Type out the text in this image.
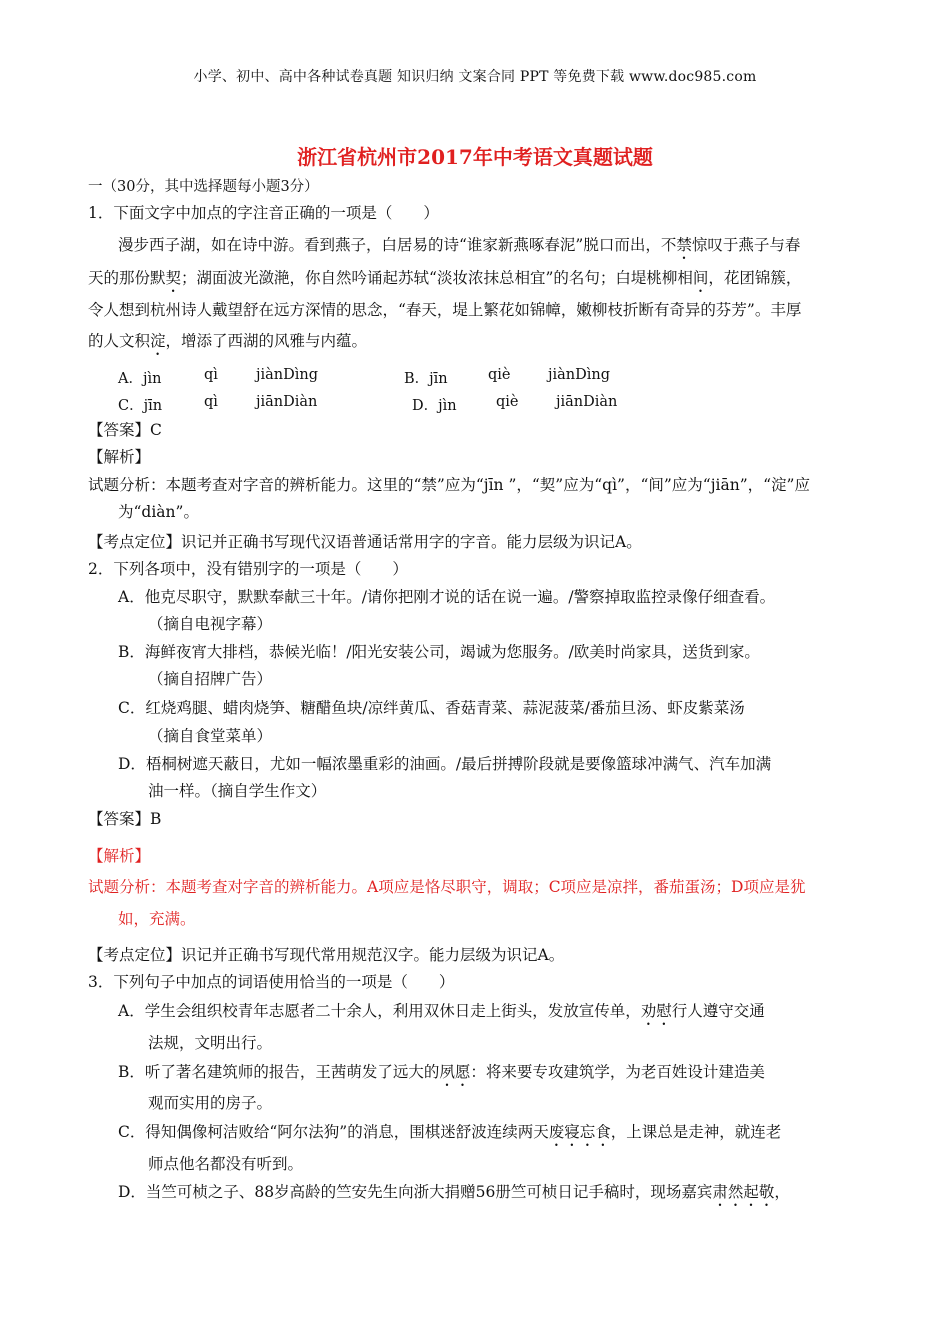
小学、初中、高中各种试卷真题 知识归纳 文案合同 PPT 等免费下载 www.doc985.com
浙江省杭州市2017年中考语文真题试题
一（30分，其中选择题每小题3分）
1．下面文字中加点的字注音正确的一项是（　　）
漫步西子湖，如在诗中游。看到燕子，白居易的诗“谁家新燕啄春泥”脱口而出，不禁惊叹于燕子与春
天的那份默契；湖面波光潋滟，你自然吟诵起苏轼“淡妆浓抹总相宜”的名句；白堤桃柳相间，花团锦簇，
令人想到杭州诗人戴望舒在远方深情的思念，“春天，堤上繁花如锦幛，嫩柳枝折断有奇异的芬芳”。丰厚
的人文积淀，增添了西湖的风雅与内蕴。
A．jìn	qì	jiànDìng	B．jīn	qiè	jiànDìng
C．jīn	qì	jiānDiàn	D．jìn	qiè	jiānDiàn
【答案】C
【解析】
试题分析：本题考查对字音的辨析能力。这里的“禁”应为“jīn ”，“契”应为“qì”，“间”应为“jiān”，“淀”应
为“diàn”。
【考点定位】识记并正确书写现代汉语普通话常用字的字音。能力层级为识记A。
2．下列各项中，没有错别字的一项是（　　）
A．他克尽职守，默默奉献三十年。/请你把刚才说的话在说一遍。/警察掉取监控录像仔细查看。
（摘自电视字幕）
B．海鲜夜宵大排档，恭候光临！/阳光安装公司，竭诚为您服务。/欧美时尚家具，送货到家。
（摘自招牌广告）
C．红烧鸡腿、蜡肉烧笋、糖醋鱼块/凉绊黄瓜、香菇青菜、蒜泥菠菜/番茄旦汤、虾皮紫菜汤
（摘自食堂菜单）
D．梧桐树遮天蔽日，尤如一幅浓墨重彩的油画。/最后拼搏阶段就是要像篮球冲满气、汽车加满
油一样。（摘自学生作文）
【答案】B
【解析】
试题分析：本题考查对字音的辨析能力。A项应是恪尽职守，调取；C项应是凉拌，番茄蛋汤；D项应是犹
如，充满。
【考点定位】识记并正确书写现代常用规范汉字。能力层级为识记A。
3．下列句子中加点的词语使用恰当的一项是（　　）
A．学生会组织校青年志愿者二十余人，利用双休日走上街头，发放宣传单，劝慰行人遵守交通
法规，文明出行。
B．听了著名建筑师的报告，王茜萌发了远大的夙愿：将来要专攻建筑学，为老百姓设计建造美
观而实用的房子。
C．得知偶像柯洁败给“阿尔法狗”的消息，围棋迷舒波连续两天废寝忘食，上课总是走神，就连老
师点他名都没有听到。
D．当竺可桢之子、88岁高龄的竺安先生向浙大捐赠56册竺可桢日记手稿时，现场嘉宾肃然起敬，
